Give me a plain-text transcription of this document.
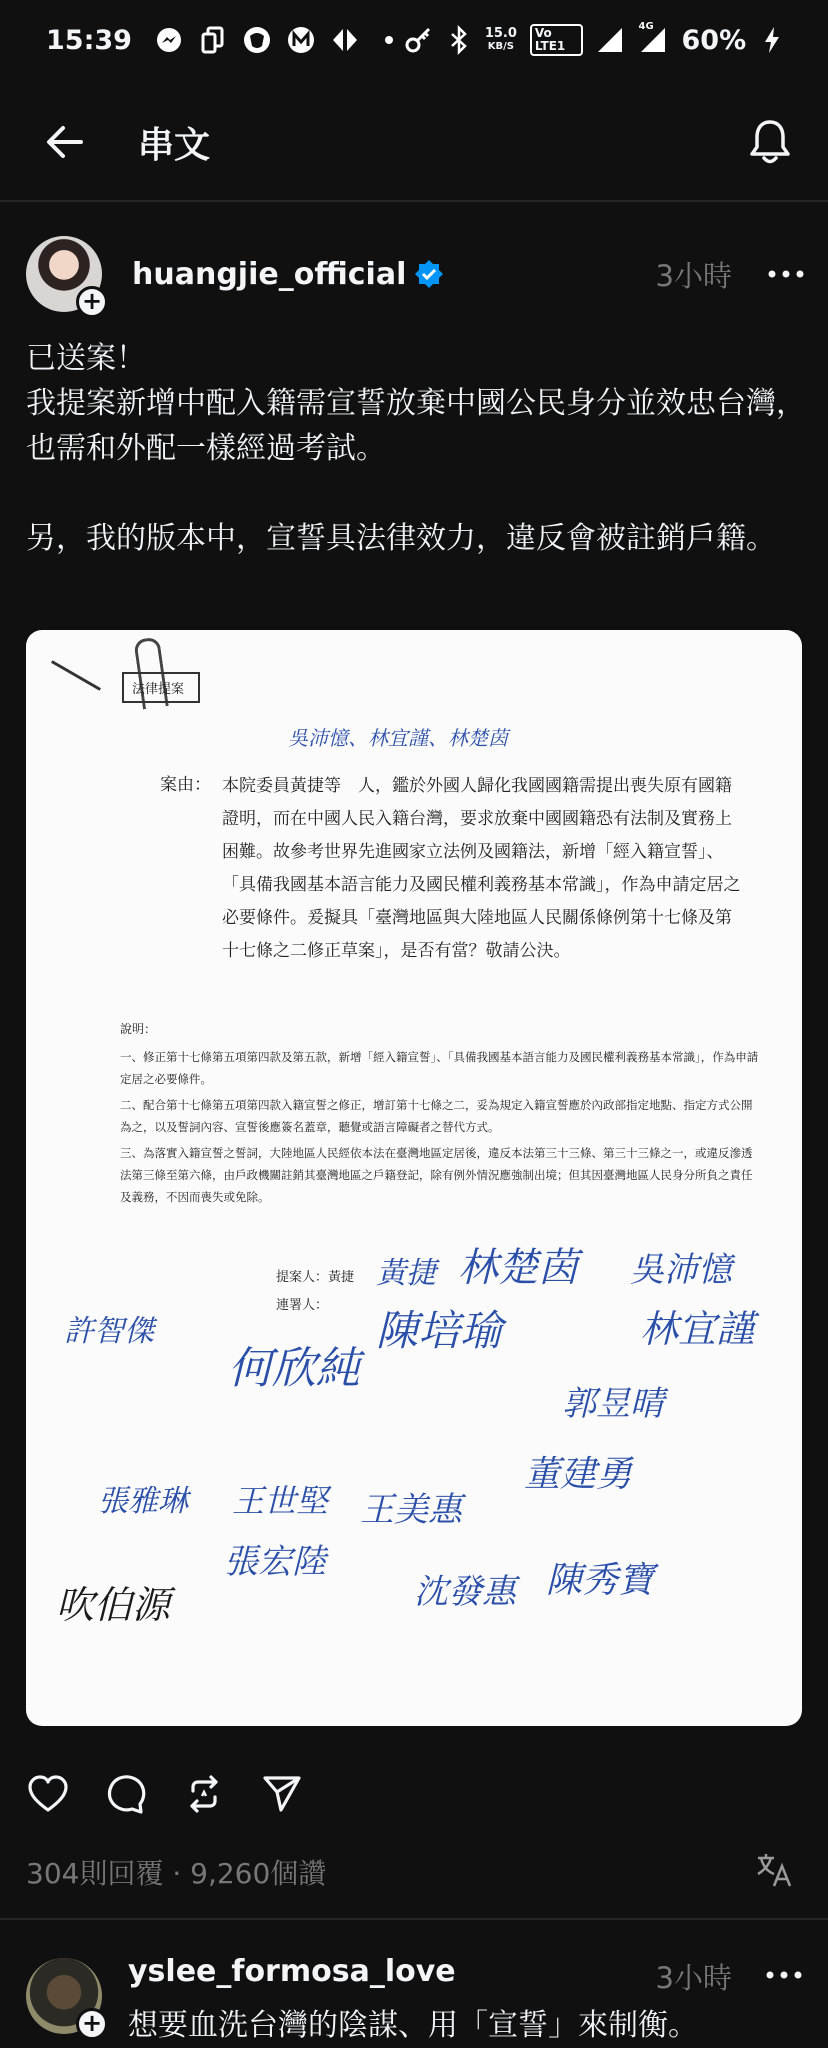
15:39	15.0
KB/S
Vo LTE1
4G 60%
串文
+
huangjie_official	3小時

已送案！
我提案新增中配入籍需宣誓放棄中國公民身分並效忠台灣，也需和外配一樣經過考試。

另，我的版本中，宣誓具法律效力，違反會被註銷戶籍。

法律提案
吳沛憶、林宜謹、林楚茵
案由： 本院委員黃捷等　人，鑑於外國人歸化我國國籍需提出喪失原有國籍證明，而在中國人民入籍台灣，要求放棄中國國籍恐有法制及實務上困難。故參考世界先進國家立法例及國籍法，新增「經入籍宣誓」、「具備我國基本語言能力及國民權利義務基本常識」，作為申請定居之必要條件。爰擬具「臺灣地區與大陸地區人民關係條例第十七條及第十七條之二修正草案」，是否有當？敬請公決。
說明：

一、修正第十七條第五項第四款及第五款，新增「經入籍宣誓」、「具備我國基本語言能力及國民權利義務基本常識」，作為申請定居之必要條件。

二、配合第十七條第五項第四款入籍宣誓之修正，增訂第十七條之二，妥為規定入籍宣誓應於內政部指定地點、指定方式公開為之，以及誓詞內容、宣誓後應簽名蓋章，聽覺或語言障礙者之替代方式。

三、為落實入籍宣誓之誓詞，大陸地區人民經依本法在臺灣地區定居後，違反本法第三十三條、第三十三條之一，或違反滲透法第三條至第六條，由戶政機關註銷其臺灣地區之戶籍登記，除有例外情況應強制出境；但其因臺灣地區人民身分所負之責任及義務，不因而喪失或免除。

提案人：黃捷
連署人：
黃捷 林楚茵 吳沛憶
許智傑
何欣純
陳培瑜	林宜謹
郭昱晴
王美惠
張宏陸
董建勇
張雅琳 王世堅
沈發惠 陳秀寶
吹伯源
304則回覆 · 9,260個讚
+
yslee_formosa_love	3小時
想要血洗台灣的陰謀、用「宣誓」來制衡。
